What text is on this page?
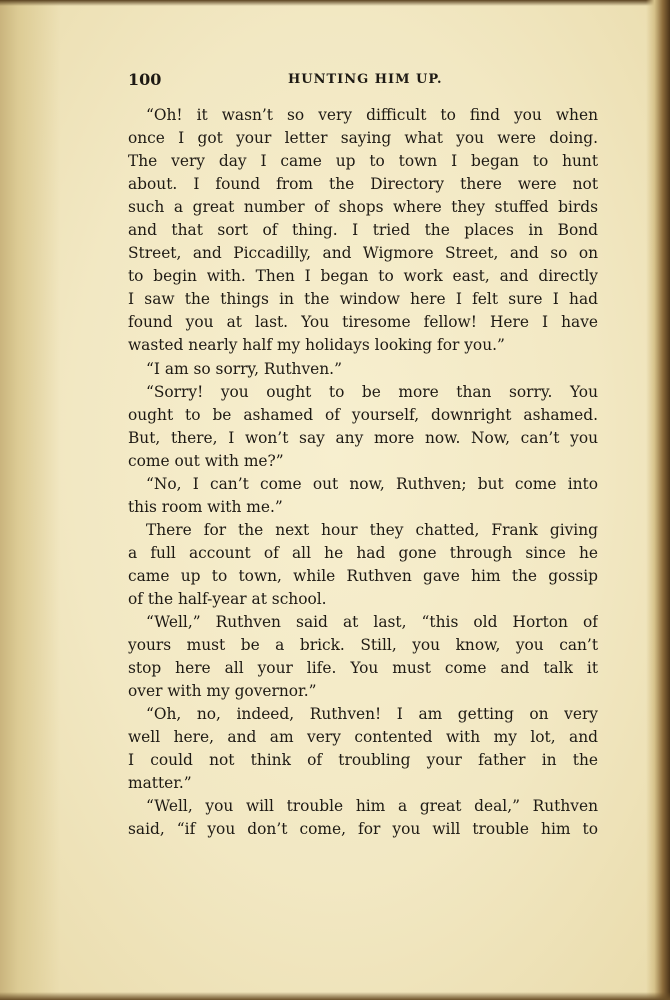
100	HUNTING HIM UP.
“Oh! it wasn’t so very difficult to find you when
once I got your letter saying what you were doing.
The very day I came up to town I began to hunt
about. I found from the Directory there were not
such a great number of shops where they stuffed birds
and that sort of thing. I tried the places in Bond
Street, and Piccadilly, and Wigmore Street, and so on
to begin with. Then I began to work east, and directly
I saw the things in the window here I felt sure I had
found you at last. You tiresome fellow! Here I have
wasted nearly half my holidays looking for you.”
“I am so sorry, Ruthven.”
“Sorry! you ought to be more than sorry. You
ought to be ashamed of yourself, downright ashamed.
But, there, I won’t say any more now. Now, can’t you
come out with me?”
“No, I can’t come out now, Ruthven; but come into
this room with me.”
There for the next hour they chatted, Frank giving
a full account of all he had gone through since he
came up to town, while Ruthven gave him the gossip
of the half-year at school.
“Well,” Ruthven said at last, “this old Horton of
yours must be a brick. Still, you know, you can’t
stop here all your life. You must come and talk it
over with my governor.”
“Oh, no, indeed, Ruthven! I am getting on very
well here, and am very contented with my lot, and
I could not think of troubling your father in the
matter.”
“Well, you will trouble him a great deal,” Ruthven
said, “if you don’t come, for you will trouble him to
